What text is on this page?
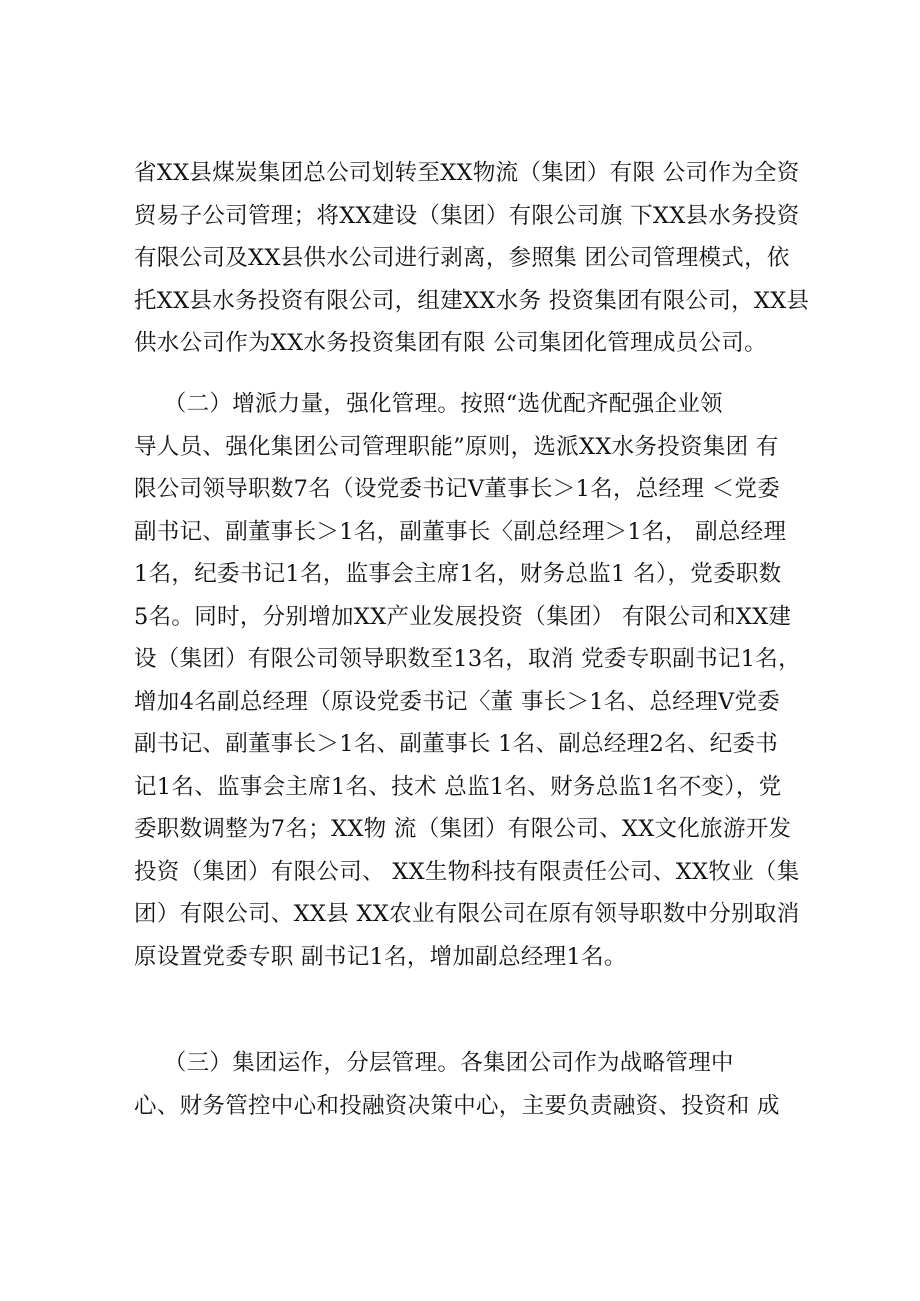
省XX县煤炭集团总公司划转至XX物流（集团）有限 公司作为全资
贸易子公司管理；将XX建设（集团）有限公司旗 下XX县水务投资
有限公司及XX县供水公司进行剥离，参照集 团公司管理模式，依
托XX县水务投资有限公司，组建XX水务 投资集团有限公司，XX县
供水公司作为XX水务投资集团有限 公司集团化管理成员公司。
（二）增派力量，强化管理。按照“选优配齐配强企业领
导人员、强化集团公司管理职能”原则，选派XX水务投资集团 有
限公司领导职数7名（设党委书记V董事长＞1名，总经理 ＜党委
副书记、副董事长＞1名，副董事长〈副总经理＞1名， 副总经理
1名，纪委书记1名，监事会主席1名，财务总监1 名），党委职数
5名。同时，分别增加XX产业发展投资（集团） 有限公司和XX建
设（集团）有限公司领导职数至13名，取消 党委专职副书记1名，
增加4名副总经理（原设党委书记〈董 事长＞1名、总经理V党委
副书记、副董事长＞1名、副董事长 1名、副总经理2名、纪委书
记1名、监事会主席1名、技术 总监1名、财务总监1名不变），党
委职数调整为7名；XX物 流（集团）有限公司、XX文化旅游开发
投资（集团）有限公司、 XX生物科技有限责任公司、XX牧业（集
团）有限公司、XX县 XX农业有限公司在原有领导职数中分别取消
原设置党委专职 副书记1名，增加副总经理1名。
（三）集团运作，分层管理。各集团公司作为战略管理中
心、财务管控中心和投融资决策中心，主要负责融资、投资和 成
